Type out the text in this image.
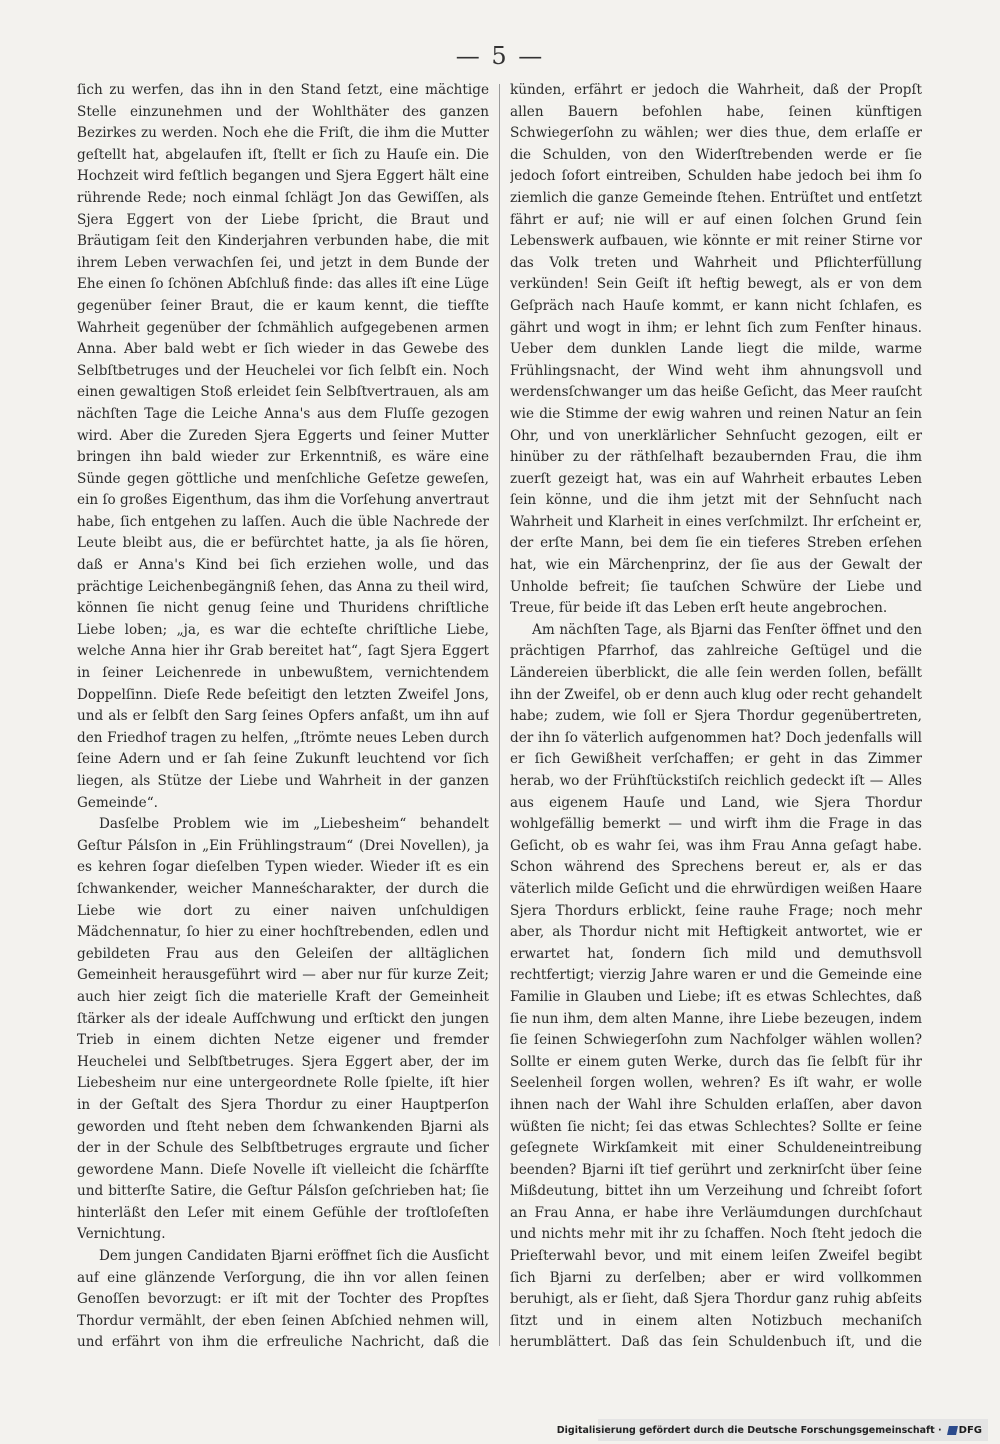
— 5 —

ſich zu werfen, das ihn in den Stand ſetzt, eine mächtige Stelle einzunehmen und der Wohlthäter des ganzen Bezirkes zu werden. Noch ehe die Friſt, die ihm die Mutter geſtellt hat, abgelaufen iſt, ſtellt er ſich zu Hauſe ein. Die Hochzeit wird feſtlich begangen und Sjera Eggert hält eine rührende Rede; noch einmal ſchlägt Jon das Gewiſſen, als Sjera Eggert von der Liebe ſpricht, die Braut und Bräutigam ſeit den Kinderjahren verbunden habe, die mit ihrem Leben verwachſen ſei, und jetzt in dem Bunde der Ehe einen ſo ſchönen Abſchluß finde: das alles iſt eine Lüge gegenüber ſeiner Braut, die er kaum kennt, die tiefſte Wahrheit gegenüber der ſchmählich aufgegebenen armen Anna. Aber bald webt er ſich wieder in das Gewebe des Selbſtbetruges und der Heuchelei vor ſich ſelbſt ein. Noch einen gewaltigen Stoß erleidet ſein Selbſtvertrauen, als am nächſten Tage die Leiche Anna's aus dem Fluſſe gezogen wird. Aber die Zureden Sjera Eggerts und ſeiner Mutter bringen ihn bald wieder zur Erkenntniß, es wäre eine Sünde gegen göttliche und menſchliche Geſetze geweſen, ein ſo großes Eigenthum, das ihm die Vorſehung anvertraut habe, ſich entgehen zu laſſen. Auch die üble Nachrede der Leute bleibt aus, die er befürchtet hatte, ja als ſie hören, daß er Anna's Kind bei ſich erziehen wolle, und das prächtige Leichenbegängniß ſehen, das Anna zu theil wird, können ſie nicht genug ſeine und Thuridens chriſtliche Liebe loben; „ja, es war die echteſte chriſtliche Liebe, welche Anna hier ihr Grab bereitet hat“, ſagt Sjera Eggert in ſeiner Leichenrede in unbewußtem, vernichtendem Doppelſinn. Dieſe Rede beſeitigt den letzten Zweifel Jons, und als er ſelbſt den Sarg ſeines Opfers anfaßt, um ihn auf den Friedhof tragen zu helfen, „ſtrömte neues Leben durch ſeine Adern und er ſah ſeine Zukunft leuchtend vor ſich liegen, als Stütze der Liebe und Wahrheit in der ganzen Gemeinde“.

Dasſelbe Problem wie im „Liebesheim“ behandelt Geſtur Pálsſon in „Ein Frühlingstraum“ (Drei Novellen), ja es kehren ſogar dieſelben Typen wieder. Wieder iſt es ein ſchwankender, weicher Manneścharakter, der durch die Liebe wie dort zu einer naiven unſchuldigen Mädchennatur, ſo hier zu einer hochſtrebenden, edlen und gebildeten Frau aus den Geleiſen der alltäglichen Gemeinheit herausgeführt wird — aber nur für kurze Zeit; auch hier zeigt ſich die materielle Kraft der Gemeinheit ſtärker als der ideale Aufſchwung und erſtickt den jungen Trieb in einem dichten Netze eigener und fremder Heuchelei und Selbſtbetruges. Sjera Eggert aber, der im Liebesheim nur eine untergeordnete Rolle ſpielte, iſt hier in der Geſtalt des Sjera Thordur zu einer Hauptperſon geworden und ſteht neben dem ſchwankenden Bjarni als der in der Schule des Selbſtbetruges ergraute und ſicher gewordene Mann. Dieſe Novelle iſt vielleicht die ſchärfſte und bitterſte Satire, die Geſtur Pálsſon geſchrieben hat; ſie hinterläßt den Leſer mit einem Gefühle der troſtloſeſten Vernichtung.

Dem jungen Candidaten Bjarni eröffnet ſich die Ausſicht auf eine glänzende Verſorgung, die ihn vor allen ſeinen Genoſſen bevorzugt: er iſt mit der Tochter des Propſtes Thordur vermählt, der eben ſeinen Abſchied nehmen will, und erfährt von ihm die erfreuliche Nachricht, daß die

künden, erfährt er jedoch die Wahrheit, daß der Propſt allen Bauern befohlen habe, ſeinen künftigen Schwiegerſohn zu wählen; wer dies thue, dem erlaſſe er die Schulden, von den Widerſtrebenden werde er ſie jedoch ſofort eintreiben, Schulden habe jedoch bei ihm ſo ziemlich die ganze Gemeinde ſtehen. Entrüſtet und entſetzt fährt er auf; nie will er auf einen ſolchen Grund ſein Lebenswerk aufbauen, wie könnte er mit reiner Stirne vor das Volk treten und Wahrheit und Pflichterfüllung verkünden! Sein Geiſt iſt heftig bewegt, als er von dem Geſpräch nach Hauſe kommt, er kann nicht ſchlafen, es gährt und wogt in ihm; er lehnt ſich zum Fenſter hinaus. Ueber dem dunklen Lande liegt die milde, warme Frühlingsnacht, der Wind weht ihm ahnungsvoll und werdensſchwanger um das heiße Geſicht, das Meer rauſcht wie die Stimme der ewig wahren und reinen Natur an ſein Ohr, und von unerklärlicher Sehnſucht gezogen, eilt er hinüber zu der räthſelhaft bezaubernden Frau, die ihm zuerſt gezeigt hat, was ein auf Wahrheit erbautes Leben ſein könne, und die ihm jetzt mit der Sehnſucht nach Wahrheit und Klarheit in eines verſchmilzt. Ihr erſcheint er, der erſte Mann, bei dem ſie ein tieferes Streben erſehen hat, wie ein Märchenprinz, der ſie aus der Gewalt der Unholde befreit; ſie tauſchen Schwüre der Liebe und Treue, für beide iſt das Leben erſt heute angebrochen.

Am nächſten Tage, als Bjarni das Fenſter öffnet und den prächtigen Pfarrhof, das zahlreiche Geſtügel und die Ländereien überblickt, die alle ſein werden ſollen, befällt ihn der Zweifel, ob er denn auch klug oder recht gehandelt habe; zudem, wie ſoll er Sjera Thordur gegenübertreten, der ihn ſo väterlich aufgenommen hat? Doch jedenfalls will er ſich Gewißheit verſchaffen; er geht in das Zimmer herab, wo der Frühſtückstiſch reichlich gedeckt iſt — Alles aus eigenem Hauſe und Land, wie Sjera Thordur wohlgefällig bemerkt — und wirft ihm die Frage in das Geſicht, ob es wahr ſei, was ihm Frau Anna geſagt habe. Schon während des Sprechens bereut er, als er das väterlich milde Geſicht und die ehrwürdigen weißen Haare Sjera Thordurs erblickt, ſeine rauhe Frage; noch mehr aber, als Thordur nicht mit Heftigkeit antwortet, wie er erwartet hat, ſondern ſich mild und demuthsvoll rechtfertigt; vierzig Jahre waren er und die Gemeinde eine Familie in Glauben und Liebe; iſt es etwas Schlechtes, daß ſie nun ihm, dem alten Manne, ihre Liebe bezeugen, indem ſie ſeinen Schwiegerſohn zum Nachfolger wählen wollen? Sollte er einem guten Werke, durch das ſie ſelbſt für ihr Seelenheil ſorgen wollen, wehren? Es iſt wahr, er wolle ihnen nach der Wahl ihre Schulden erlaſſen, aber davon wüßten ſie nicht; ſei das etwas Schlechtes? Sollte er ſeine geſegnete Wirkſamkeit mit einer Schuldeneintreibung beenden? Bjarni iſt tief gerührt und zerknirſcht über ſeine Mißdeutung, bittet ihn um Verzeihung und ſchreibt ſofort an Frau Anna, er habe ihre Verläumdungen durchſchaut und nichts mehr mit ihr zu ſchaffen. Noch ſteht jedoch die Prieſterwahl bevor, und mit einem leiſen Zweifel begibt ſich Bjarni zu derſelben; aber er wird vollkommen beruhigt, als er ſieht, daß Sjera Thordur ganz ruhig abſeits ſitzt und in einem alten Notizbuch mechaniſch herumblättert. Daß das ſein Schuldenbuch iſt, und die

Digitalisierung gefördert durch die Deutsche Forschungsgemeinschaft · DFG
